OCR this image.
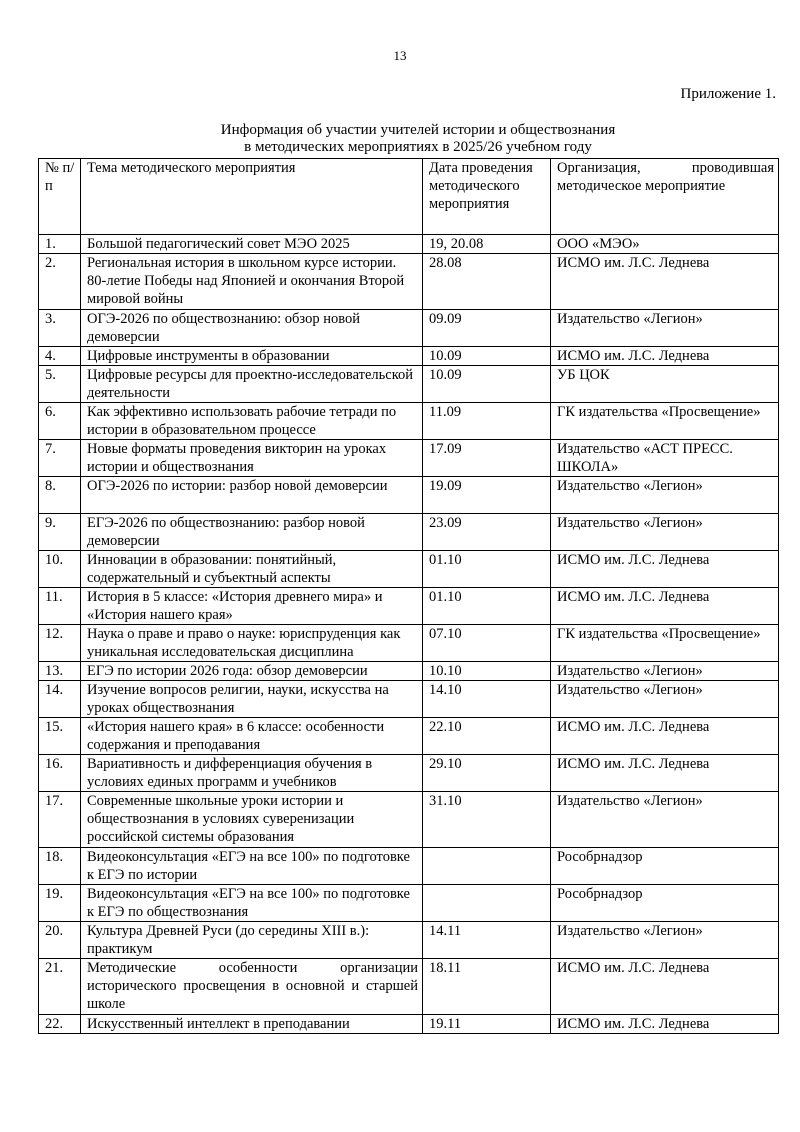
13
Приложение 1.
Информация об участии учителей истории и обществознания
в методических мероприятиях в 2025/26 учебном году
№ п/п	Тема методического мероприятия	Дата проведения методического мероприятия	Организация, проводившая методическое мероприятие
1.	Большой педагогический совет МЭО 2025	19, 20.08	ООО «МЭО»
2.	Региональная история в школьном курсе истории. 80-летие Победы над Японией и окончания Второй мировой войны	28.08	ИСМО им. Л.С. Леднева
3.	ОГЭ-2026 по обществознанию: обзор новой демоверсии	09.09	Издательство «Легион»
4.	Цифровые инструменты в образовании	10.09	ИСМО им. Л.С. Леднева
5.	Цифровые ресурсы для проектно-исследовательской деятельности	10.09	УБ ЦОК
6.	Как эффективно использовать рабочие тетради по истории в образовательном процессе	11.09	ГК издательства «Просвещение»
7.	Новые форматы проведения викторин на уроках истории и обществознания	17.09	Издательство «АСТ ПРЕСС. ШКОЛА»
8.	ОГЭ-2026 по истории: разбор новой демоверсии	19.09	Издательство «Легион»
9.	ЕГЭ-2026 по обществознанию: разбор новой демоверсии	23.09	Издательство «Легион»
10.	Инновации в образовании: понятийный, содержательный и субъектный аспекты	01.10	ИСМО им. Л.С. Леднева
11.	История в 5 классе: «История древнего мира» и «История нашего края»	01.10	ИСМО им. Л.С. Леднева
12.	Наука о праве и право о науке: юриспруденция как уникальная исследовательская дисциплина	07.10	ГК издательства «Просвещение»
13.	ЕГЭ по истории 2026 года: обзор демоверсии	10.10	Издательство «Легион»
14.	Изучение вопросов религии, науки, искусства на уроках обществознания	14.10	Издательство «Легион»
15.	«История нашего края» в 6 классе: особенности содержания и преподавания	22.10	ИСМО им. Л.С. Леднева
16.	Вариативность и дифференциация обучения в условиях единых программ и учебников	29.10	ИСМО им. Л.С. Леднева
17.	Современные школьные уроки истории и обществознания в условиях суверенизации российской системы образования	31.10	Издательство «Легион»
18.	Видеоконсультация «ЕГЭ на все 100» по подготовке к ЕГЭ по истории		Рособрнадзор
19.	Видеоконсультация «ЕГЭ на все 100» по подготовке к ЕГЭ по обществознания		Рособрнадзор
20.	Культура Древней Руси (до середины XIII в.): практикум	14.11	Издательство «Легион»
21.	Методические особенности организации исторического просвещения в основной и старшей школе	18.11	ИСМО им. Л.С. Леднева
22.	Искусственный интеллект в преподавании	19.11	ИСМО им. Л.С. Леднева
